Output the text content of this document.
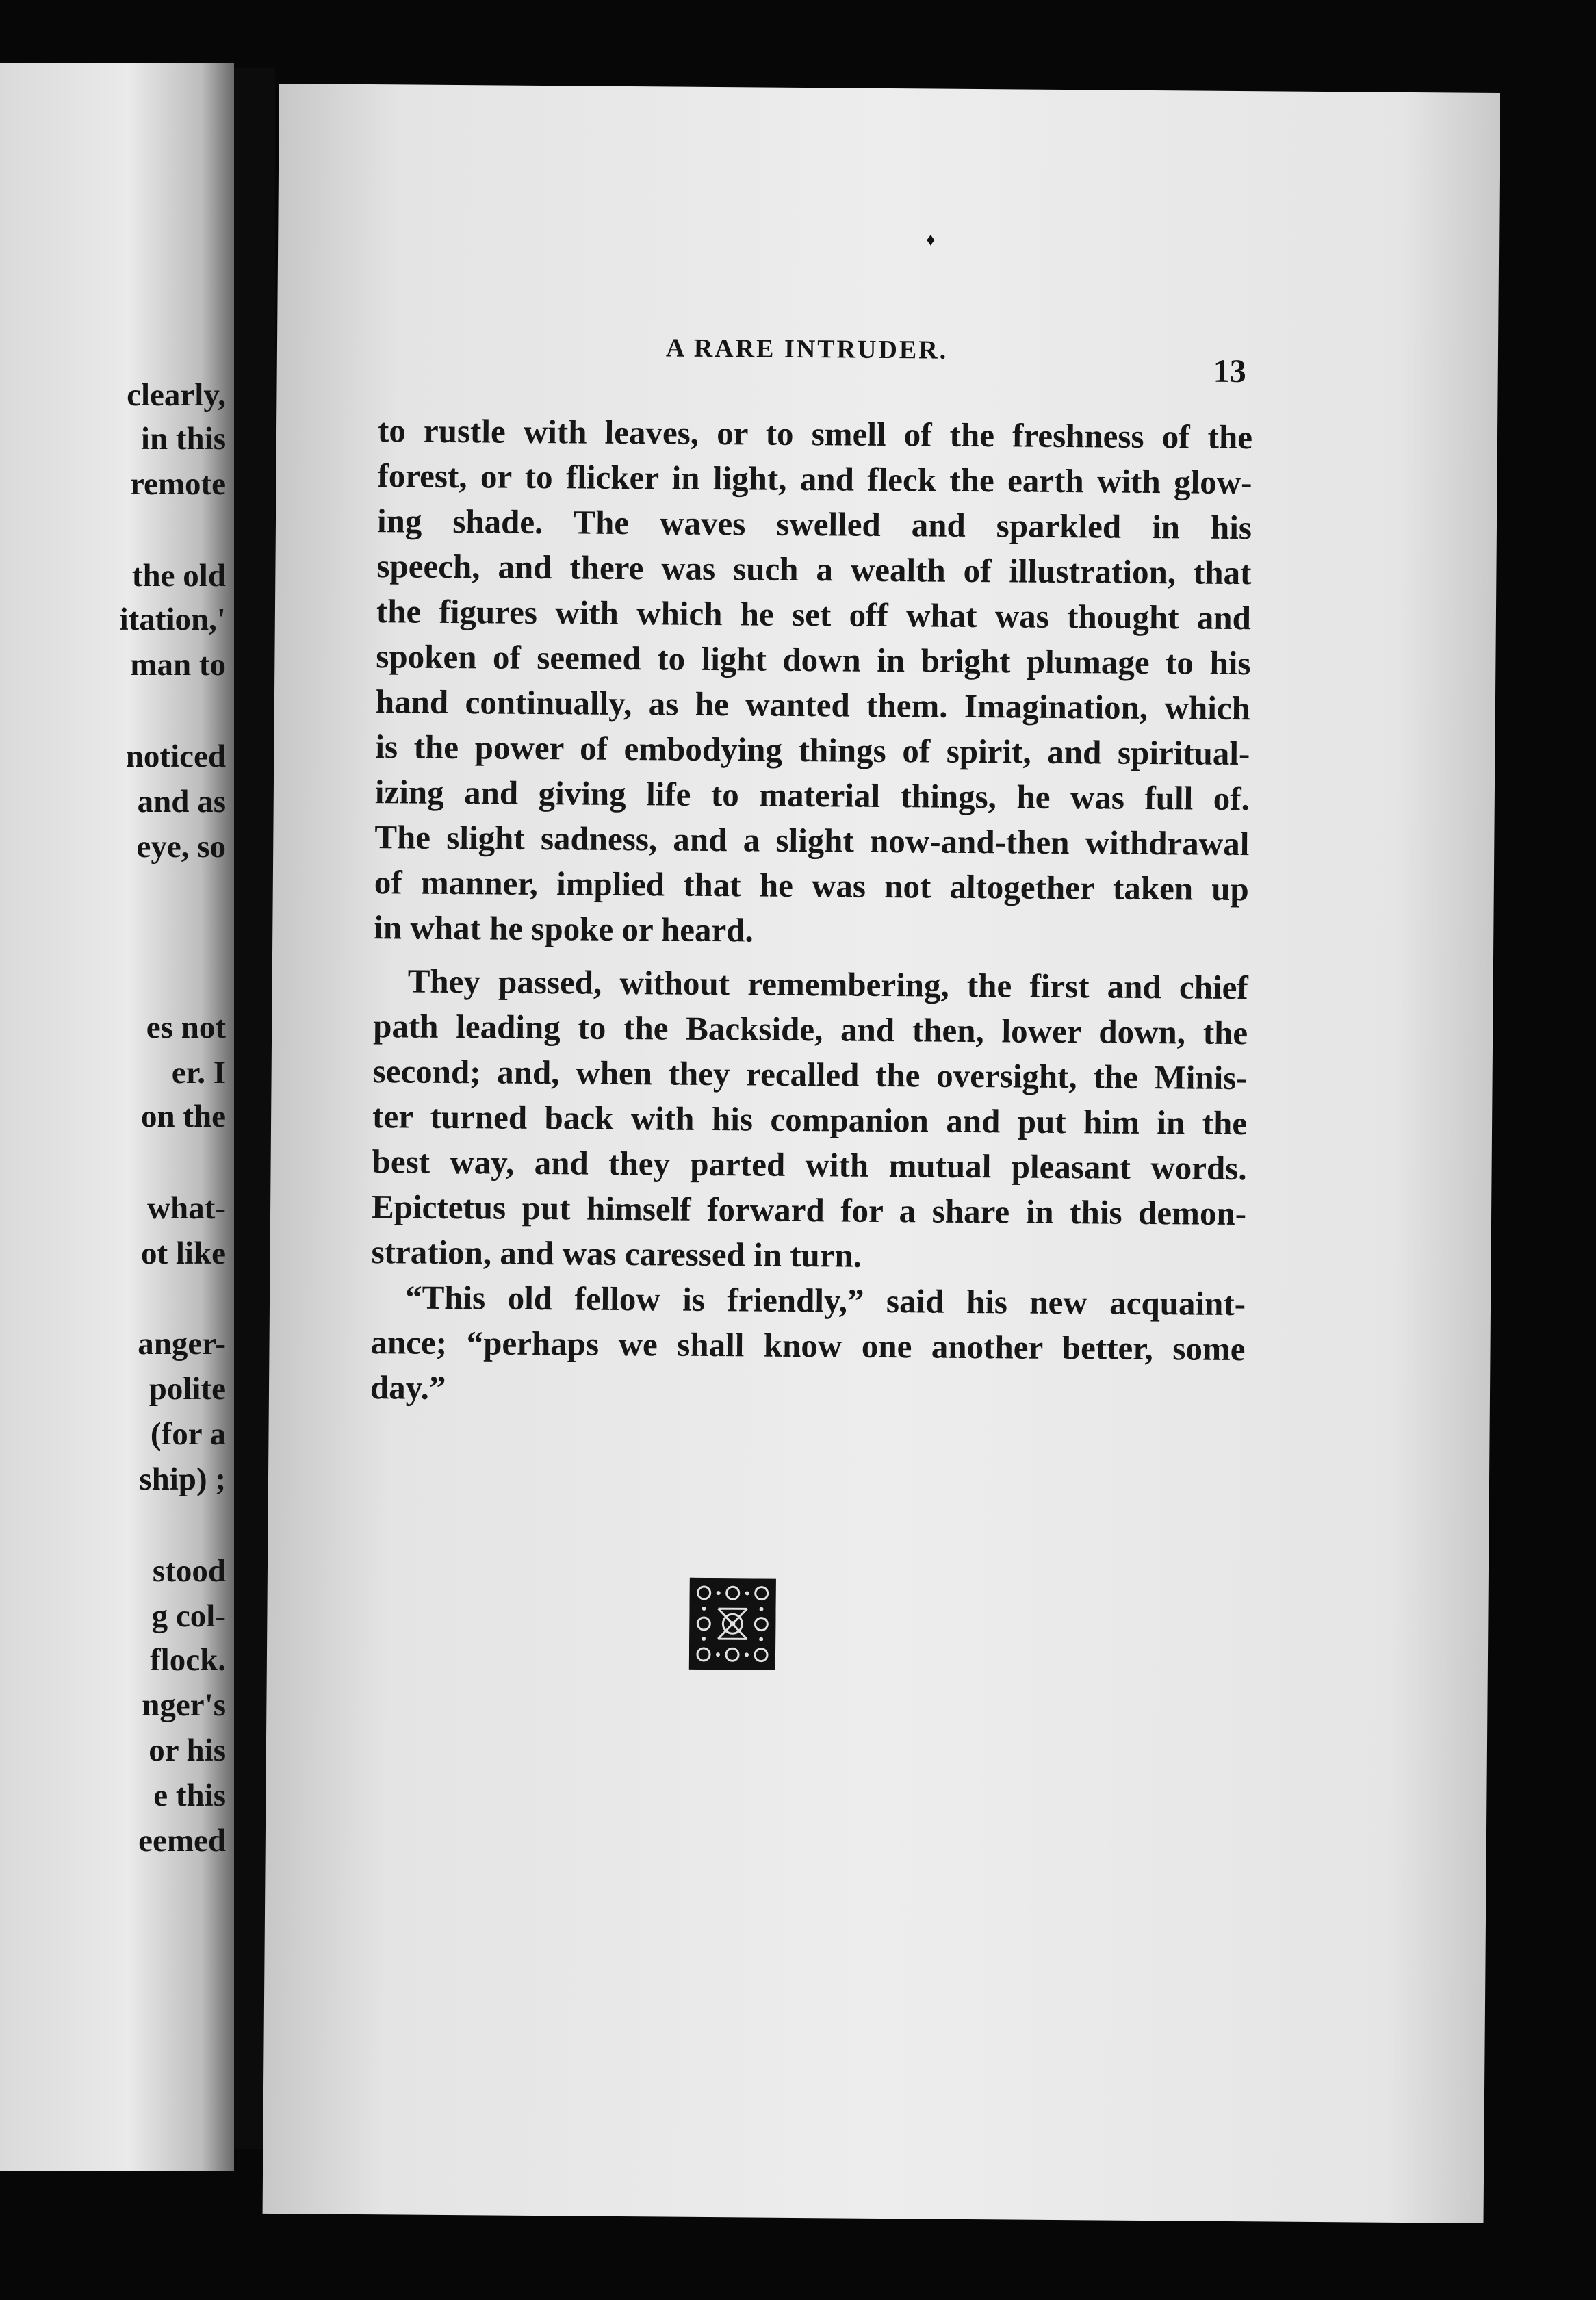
clearly,
in this
remote
the old
itation,'
man to
noticed
and as
eye, so
es not
er. I
on the
what-
ot like
anger-
polite
(for a
ship) ;
stood
g col-
flock.
nger's
or his
e this
eemed
♦
A RARE INTRUDER.
13
to rustle with leaves, or to smell of the freshness of the
forest, or to flicker in light, and fleck the earth with glow-
ing shade. The waves swelled and sparkled in his
speech, and there was such a wealth of illustration, that
the figures with which he set off what was thought and
spoken of seemed to light down in bright plumage to his
hand continually, as he wanted them. Imagination, which
is the power of embodying things of spirit, and spiritual-
izing and giving life to material things, he was full of.
The slight sadness, and a slight now-and-then withdrawal
of manner, implied that he was not altogether taken up
in what he spoke or heard.
They passed, without remembering, the first and chief
path leading to the Backside, and then, lower down, the
second; and, when they recalled the oversight, the Minis-
ter turned back with his companion and put him in the
best way, and they parted with mutual pleasant words.
Epictetus put himself forward for a share in this demon-
stration, and was caressed in turn.
“This old fellow is friendly,” said his new acquaint-
ance; “perhaps we shall know one another better, some
day.”
